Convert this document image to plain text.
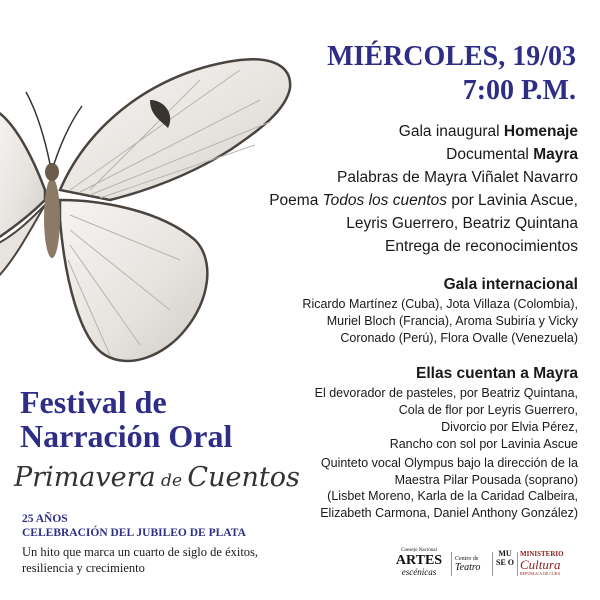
MIÉRCOLES, 19/03
7:00 P.M.
Gala inaugural Homenaje
Documental Mayra
Palabras de Mayra Viñalet Navarro
Poema Todos los cuentos por Lavinia Ascue,
Leyris Guerrero, Beatriz Quintana
Entrega de reconocimientos
Gala internacional
Ricardo Martínez (Cuba), Jota Villaza (Colombia),
Muriel Bloch (Francia), Aroma Subiría y Vicky
Coronado (Perú), Flora Ovalle (Venezuela)
Ellas cuentan a Mayra
El devorador de pasteles, por Beatriz Quintana,
Cola de flor por Leyris Guerrero,
Divorcio por Elvia Pérez,
Rancho con sol por Lavinia Ascue
Quinteto vocal Olympus bajo la dirección de la
Maestra Pilar Pousada (soprano)
(Lisbet Moreno, Karla de la Caridad Calbeira,
Elizabeth Carmona, Daniel Anthony González)
Festival de
Narración Oral
Primavera de Cuentos
25 AÑOS
CELEBRACIÓN DEL JUBILEO DE PLATA
Un hito que marca un cuarto de siglo de éxitos,
resiliencia y crecimiento
Consejo Nacional
ARTES
escénicas
Centro de
Teatro
MU SE O
MINISTERIO
Cultura
REPÚBLICA DE CUBA
